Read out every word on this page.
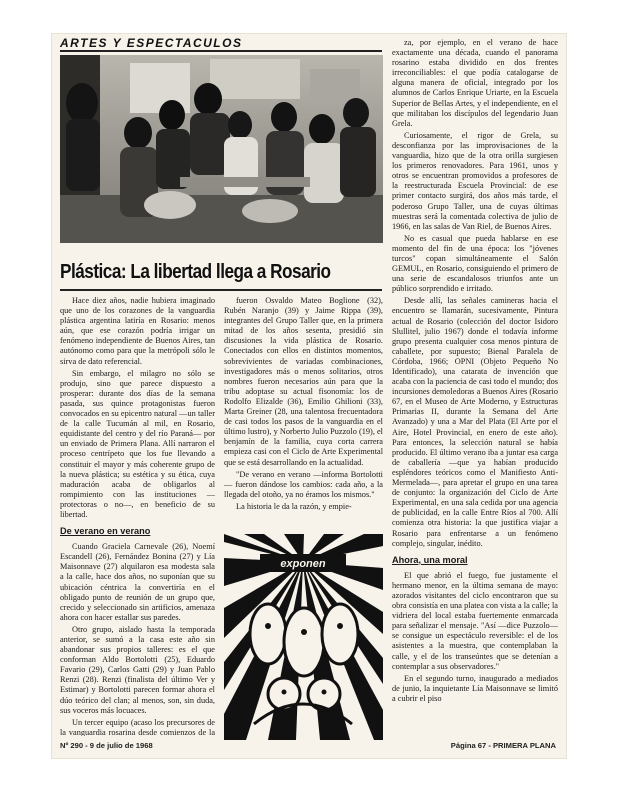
ARTES Y ESPECTACULOS
Plástica: La libertad llega a Rosario

Hace diez años, nadie hubiera imaginado que uno de los corazones de la vanguardia plástica argentina latiría en Rosario: menos aún, que ese corazón podría irrigar un fenómeno independiente de Buenos Aires, tan autónomo como para que la metrópoli sólo le sirva de dato referencial.

Sin embargo, el milagro no sólo se produjo, sino que parece dispuesto a prosperar: durante dos días de la semana pasada, sus quince protagonistas fueron convocados en su epicentro natural —un taller de la calle Tucumán al mil, en Rosario, equidistante del centro y del río Paraná— por un enviado de Primera Plana. Allí narraron el proceso centrípeto que los fue llevando a constituir el mayor y más coherente grupo de la nueva plástica; su estética y su ética, cuya maduración acaba de obligarlos al rompimiento con las instituciones —protectoras o no—, en beneficio de su libertad.

De verano en verano

Cuando Graciela Carnevale (26), Noemí Escandell (26), Fernández Bonina (27) y Lía Maisonnave (27) alquilaron esa modesta sala a la calle, hace dos años, no suponían que su ubicación céntrica la convertiría en el obligado punto de reunión de un grupo que, crecido y seleccionado sin artificios, amenaza ahora con hacer estallar sus paredes.

Otro grupo, aislado hasta la temporada anterior, se sumó a la casa este año sin abandonar sus propios talleres: es el que conforman Aldo Bortolotti (25), Eduardo Favario (29), Carlos Gatti (29) y Juan Pablo Renzi (28). Renzi (finalista del último Ver y Estimar) y Bortolotti parecen formar ahora el dúo teórico del clan; al menos, son, sin duda, sus voceros más locuaces.

Un tercer equipo (acaso los precursores de la vanguardia rosarina desde comienzos de la

fueron Osvaldo Mateo Boglione (32), Rubén Naranjo (39) y Jaime Rippa (39), integrantes del Grupo Taller que, en la primera mitad de los años sesenta, presidió sin discusiones la vida plástica de Rosario. Conectados con ellos en distintos momentos, sobrevivientes de variadas combinaciones, investigadores más o menos solitarios, otros nombres fueron necesarios aún para que la tribu adoptase su actual fisonomía: los de Rodolfo Elizalde (36), Emilio Ghilioni (33), Marta Greiner (28, una talentosa frecuentadora de casi todos los pasos de la vanguardia en el último lustro), y Norberto Julio Puzzolo (19), el benjamín de la familia, cuya corta carrera empieza casi con el Ciclo de Arte Experimental que se está desarrollando en la actualidad.

"De verano en verano —informa Bortolotti— fueron dándose los cambios: cada año, a la llegada del otoño, ya no éramos los mismos."

La historia le da la razón, y empie-

za, por ejemplo, en el verano de hace exactamente una década, cuando el panorama rosarino estaba dividido en dos frentes irreconciliables: el que podía catalogarse de alguna manera de oficial, integrado por los alumnos de Carlos Enrique Uriarte, en la Escuela Superior de Bellas Artes, y el independiente, en el que militaban los discípulos del legendario Juan Grela.

Curiosamente, el rigor de Grela, su desconfianza por las improvisaciones de la vanguardia, hizo que de la otra orilla surgiesen los primeros renovadores. Para 1961, unos y otros se encuentran promovidos a profesores de la reestructurada Escuela Provincial: de ese primer contacto surgirá, dos años más tarde, el poderoso Grupo Taller, una de cuyas últimas muestras será la comentada colectiva de julio de 1966, en las salas de Van Riel, de Buenos Aires.

No es casual que pueda hablarse en ese momento del fin de una época: los "jóvenes turcos" copan simultáneamente el Salón GEMUL, en Rosario, consiguiendo el primero de una serie de escandalosos triunfos ante un público sorprendido e irritado.

Desde allí, las señales camineras hacia el encuentro se llamarán, sucesivamente, Pintura actual de Rosario (colección del doctor Isidoro Slullitel, julio 1967) donde el todavía informe grupo presenta cualquier cosa menos pintura de caballete, por supuesto; Bienal Paralela de Córdoba, 1966; OPNI (Objeto Pequeño No Identificado), una catarata de invención que acaba con la paciencia de casi todo el mundo; dos incursiones demoledoras a Buenos Aires (Rosario 67, en el Museo de Arte Moderno, y Estructuras Primarias II, durante la Semana del Arte Avanzado) y una a Mar del Plata (El Arte por el Aire, Hotel Provincial, en enero de este año). Para entonces, la selección natural se había producido. El último verano iba a juntar esa carga de caballería —que ya habían producido espléndores teóricos como el Manifiesto Anti-Mermelada—, para apretar el grupo en una tarea de conjunto: la organización del Ciclo de Arte Experimental, en una sala cedida por una agencia de publicidad, en la calle Entre Ríos al 700. Allí comienza otra historia: la que justifica viajar a Rosario para enfrentarse a un fenómeno complejo, singular, inédito.

Ahora, una moral

El que abrió el fuego, fue justamente el hermano menor, en la última semana de mayo: azorados visitantes del ciclo encontraron que su obra consistía en una platea con vista a la calle; la vidriera del local estaba fuertemente enmarcada para señalizar el mensaje. "Así —dice Puzzolo— se consigue un espectáculo reversible: el de los asistentes a la muestra, que contemplaban la calle, y el de los transeúntes que se detenían a contemplar a sus observadores."

En el segundo turno, inaugurado a mediados de junio, la inquietante Lía Maisonnave se limitó a cubrir el piso

exponen
Nº 290 - 9 de julio de 1968	Página 67 - PRIMERA PLANA
